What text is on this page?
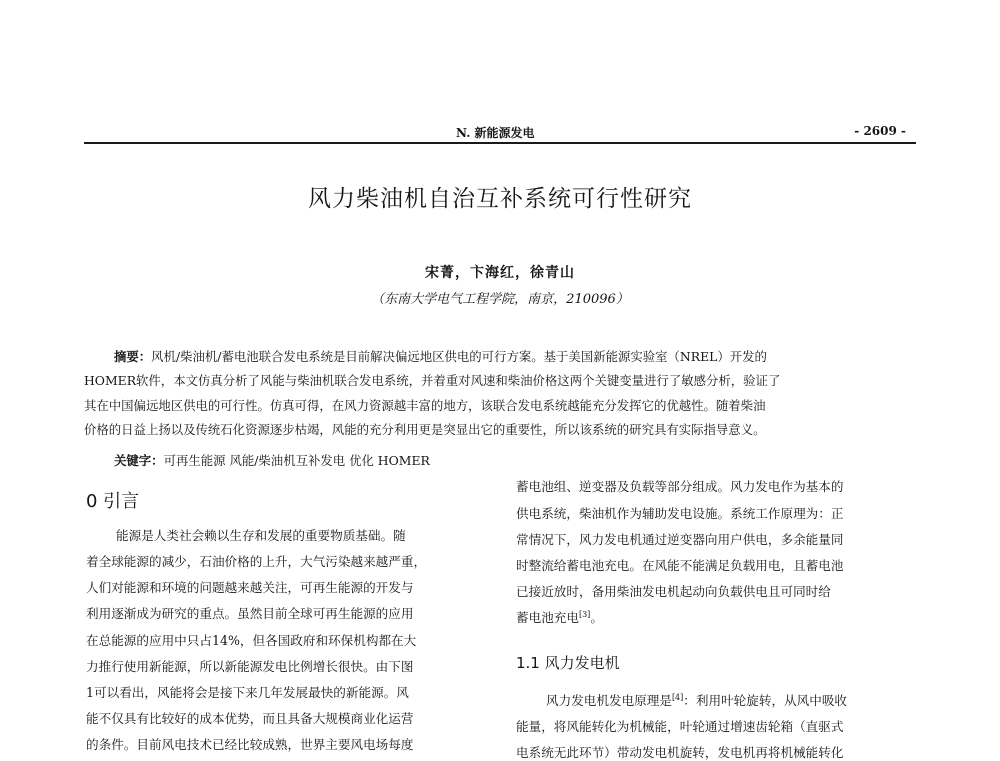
N. 新能源发电	- 2609 -
风力柴油机自治互补系统可行性研究
宋菁，卞海红，徐青山
（东南大学电气工程学院，南京，210096）
摘要：风机/柴油机/蓄电池联合发电系统是目前解决偏远地区供电的可行方案。基于美国新能源实验室（NREL）开发的
HOMER软件，本文仿真分析了风能与柴油机联合发电系统，并着重对风速和柴油价格这两个关键变量进行了敏感分析，验证了
其在中国偏远地区供电的可行性。仿真可得，在风力资源越丰富的地方，该联合发电系统越能充分发挥它的优越性。随着柴油
价格的日益上扬以及传统石化资源逐步枯竭，风能的充分利用更是突显出它的重要性，所以该系统的研究具有实际指导意义。
关键字：可再生能源 风能/柴油机互补发电 优化 HOMER
0 引言
能源是人类社会赖以生存和发展的重要物质基础。随
着全球能源的减少，石油价格的上升，大气污染越来越严重，
人们对能源和环境的问题越来越关注，可再生能源的开发与
利用逐渐成为研究的重点。虽然目前全球可再生能源的应用
在总能源的应用中只占14%，但各国政府和环保机构都在大
力推行使用新能源，所以新能源发电比例增长很快。由下图
1可以看出，风能将会是接下来几年发展最快的新能源。风
能不仅具有比较好的成本优势，而且具备大规模商业化运营
的条件。目前风电技术已经比较成熟，世界主要风电场每度
蓄电池组、逆变器及负载等部分组成。风力发电作为基本的
供电系统，柴油机作为辅助发电设施。系统工作原理为：正
常情况下，风力发电机通过逆变器向用户供电，多余能量同
时整流给蓄电池充电。在风能不能满足负载用电，且蓄电池
已接近放时，备用柴油发电机起动向负载供电且可同时给
蓄电池充电[3]。
1.1 风力发电机
风力发电机发电原理是[4]：利用叶轮旋转，从风中吸收
能量，将风能转化为机械能，叶轮通过增速齿轮箱（直驱式
电系统无此环节）带动发电机旋转，发电机再将机械能转化
